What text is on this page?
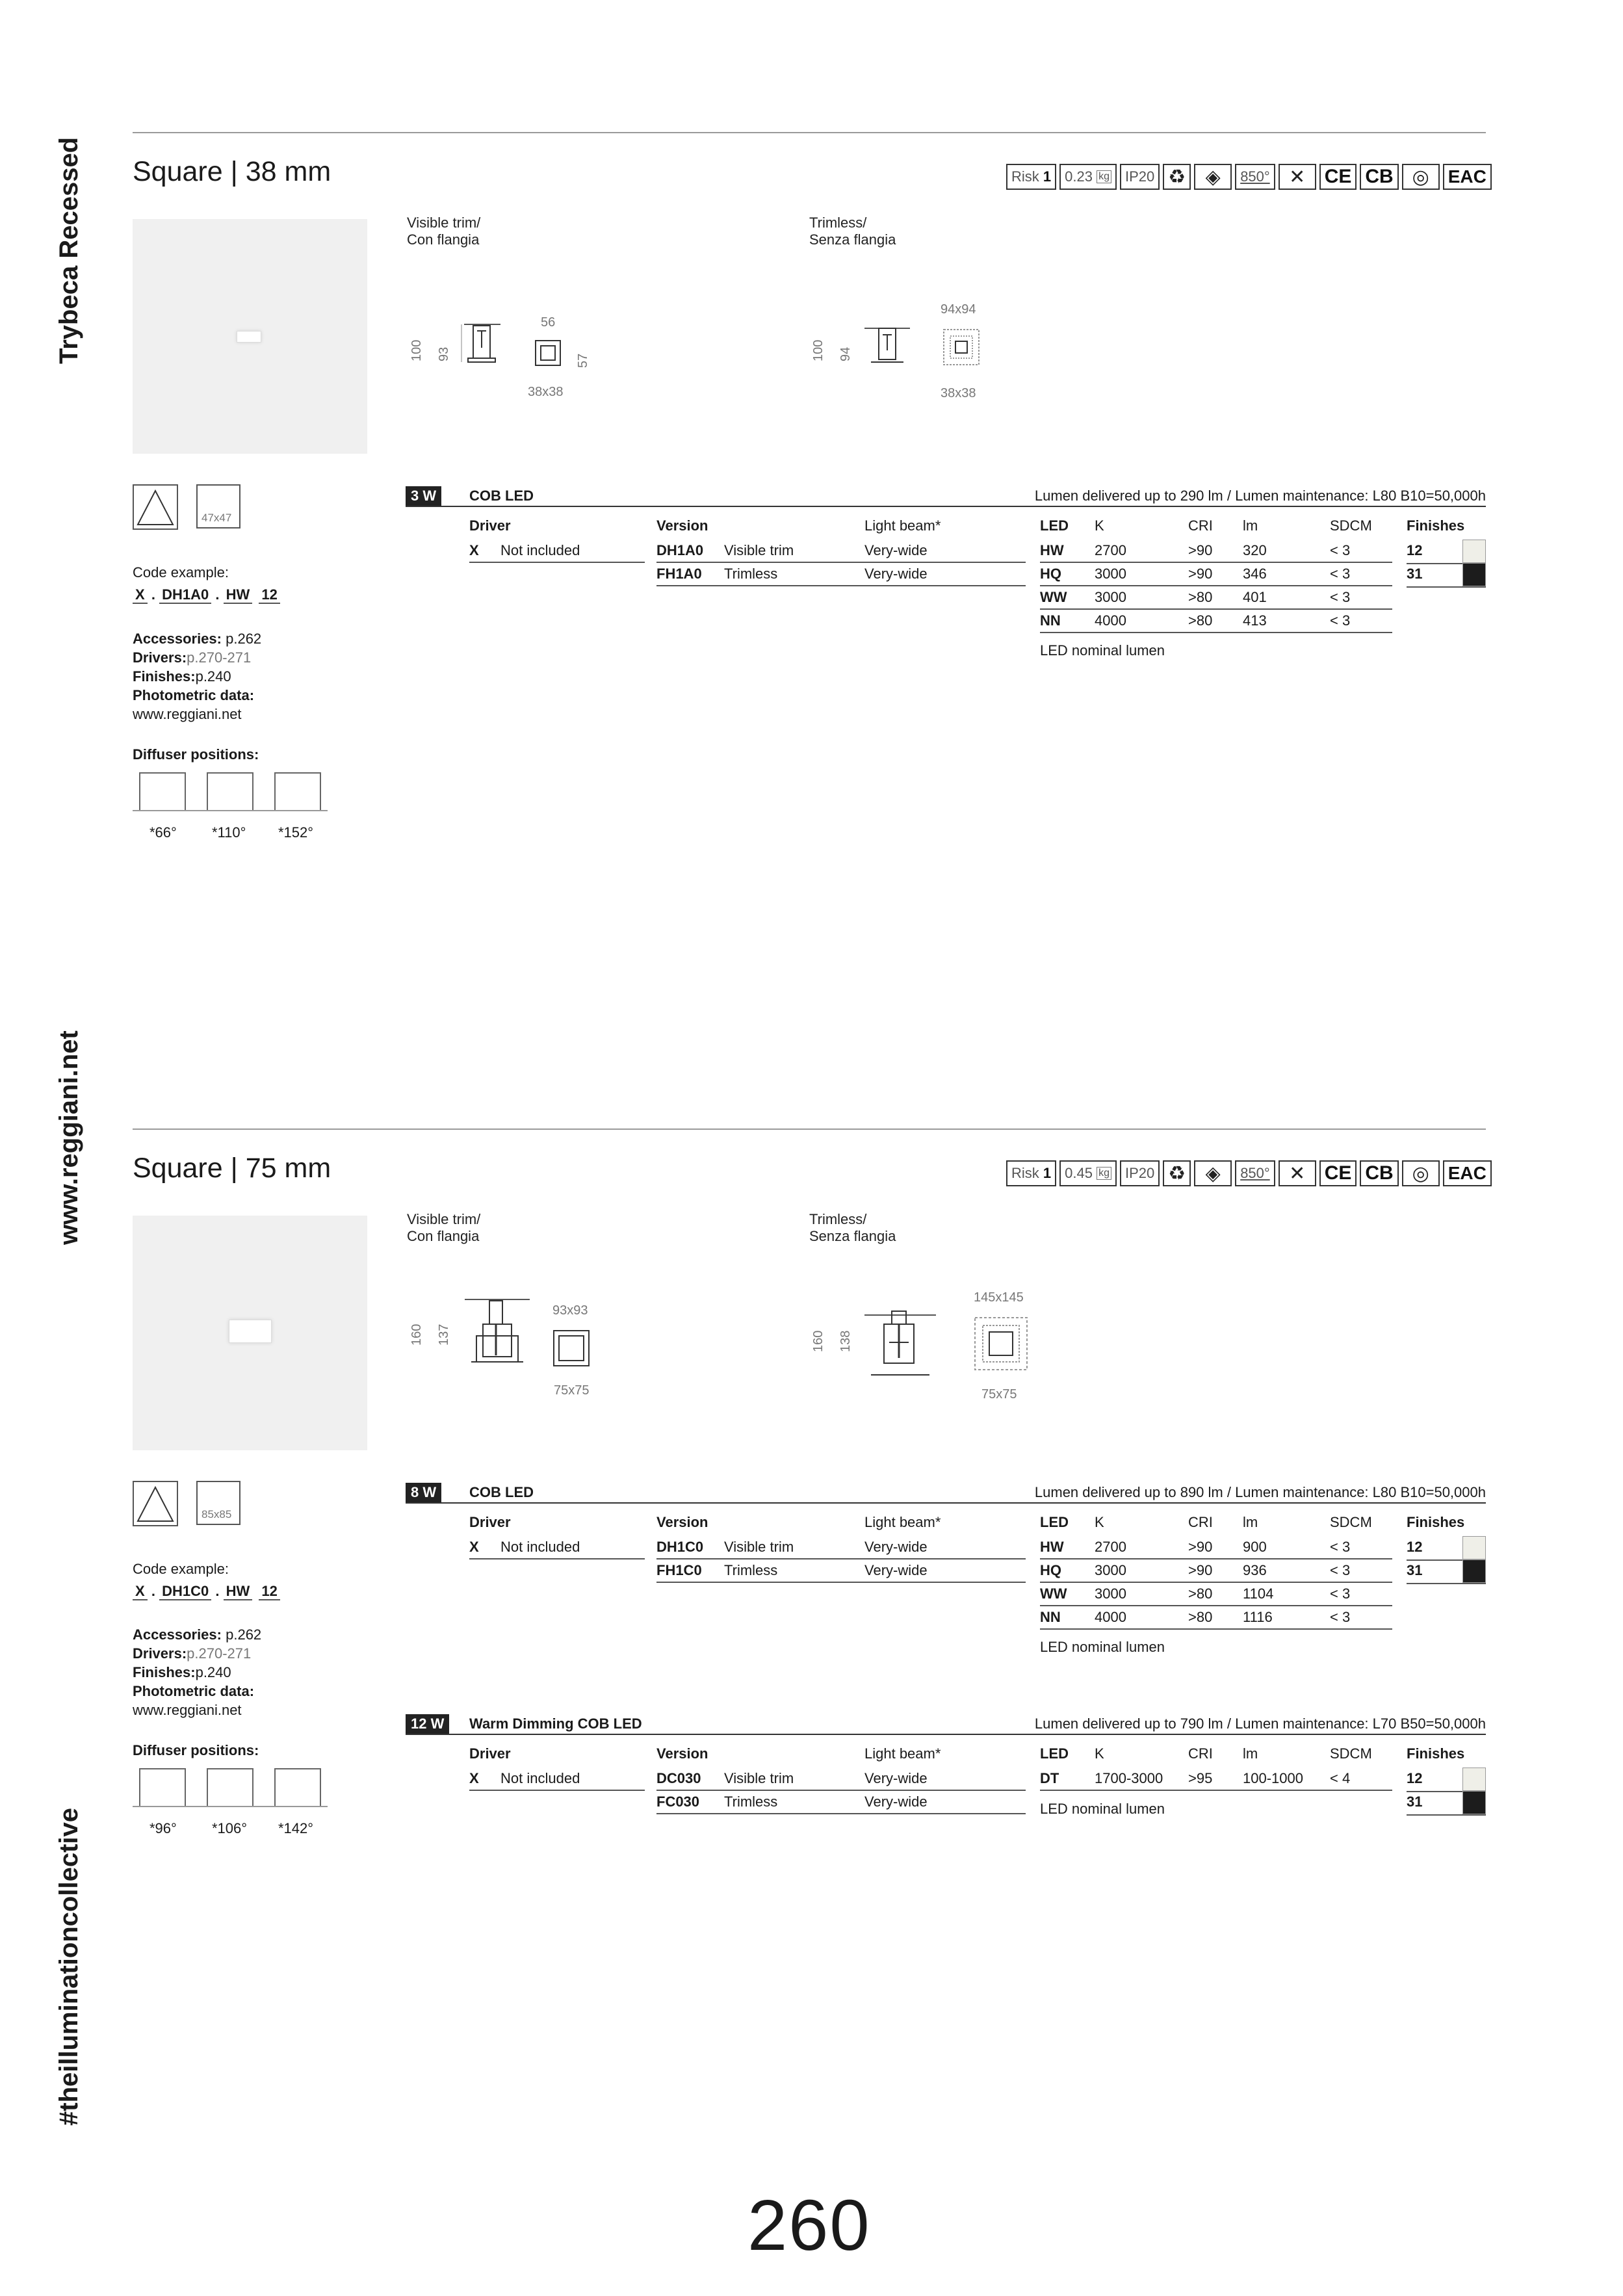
Trybeca Recessed
www.reggiani.net
#theilluminationcollective
Square | 38 mm	Risk
1 0.23
kg	IP20 ♻	◈	850° ✕ CE CB ◎	EAC
Visible trim/
Con flangia
Trimless/
Senza flangia
100 93
56
57
38x38
100 94
94x94
38x38
47x47
Code example:
X . DH1A0 . HW 12
Accessories: p.262
Drivers:p.270-271
Finishes:p.240
Photometric data:
www.reggiani.net
Diffuser positions:
*66° *110° *152°
3 W	COB LED	Lumen delivered up to 290 lm / Lumen maintenance: L80 B10=50,000h
Driver
X Not included
Version	Light beam*
DH1A0 Visible trim	Very-wide
FH1A0 Trimless	Very-wide
LED K	CRI lm	SDCM
HW 2700	>90 320	< 3
HQ 3000	>90 346	< 3
WW 3000	>80 401	< 3
NN 4000	>80 413	< 3
LED nominal lumen
Finishes
12
31
Square | 75 mm	Risk
1 0.45
kg	IP20 ♻	◈	850° ✕ CE CB ◎	EAC
Visible trim/
Con flangia
Trimless/
Senza flangia
160 137
93x93
75x75
160 138
145x145
75x75
85x85
Code example:
X . DH1C0 . HW 12
Accessories: p.262
Drivers:p.270-271
Finishes:p.240
Photometric data:
www.reggiani.net
Diffuser positions:
*96° *106° *142°
8 W	COB LED	Lumen delivered up to 890 lm / Lumen maintenance: L80 B10=50,000h
Driver
X Not included
Version	Light beam*
DH1C0 Visible trim	Very-wide
FH1C0 Trimless	Very-wide
LED K	CRI lm	SDCM
HW 2700	>90 900	< 3
HQ 3000	>90 936	< 3
WW 3000	>80 1104	< 3
NN 4000	>80 1116	< 3
LED nominal lumen
Finishes
12
31
12 W	Warm Dimming COB LED	Lumen delivered up to 790 lm / Lumen maintenance: L70 B50=50,000h
Driver
X Not included
Version	Light beam*
DC030 Visible trim	Very-wide
FC030 Trimless	Very-wide
LED K	CRI lm	SDCM
DT 1700-3000 >95 100-1000 < 4
LED nominal lumen
Finishes
12
31
260
